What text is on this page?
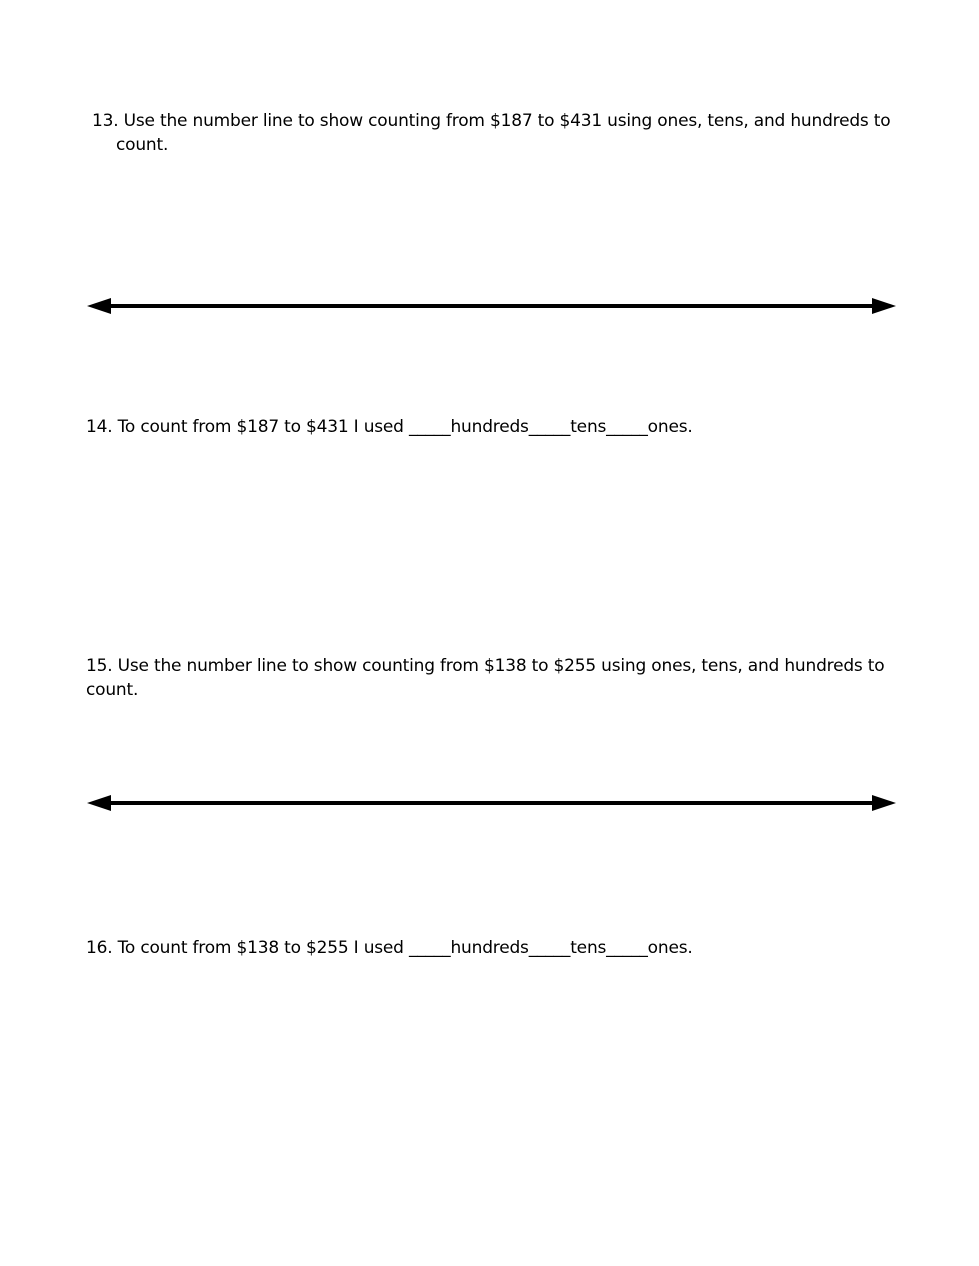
13. Use the number line to show counting from $187 to $431 using ones, tens, and hundreds to count.

14. To count from $187 to $431 I used _____hundreds_____tens_____ones.

15. Use the number line to show counting from $138 to $255 using ones, tens, and hundreds to count.

16. To count from $138 to $255 I used _____hundreds_____tens_____ones.
